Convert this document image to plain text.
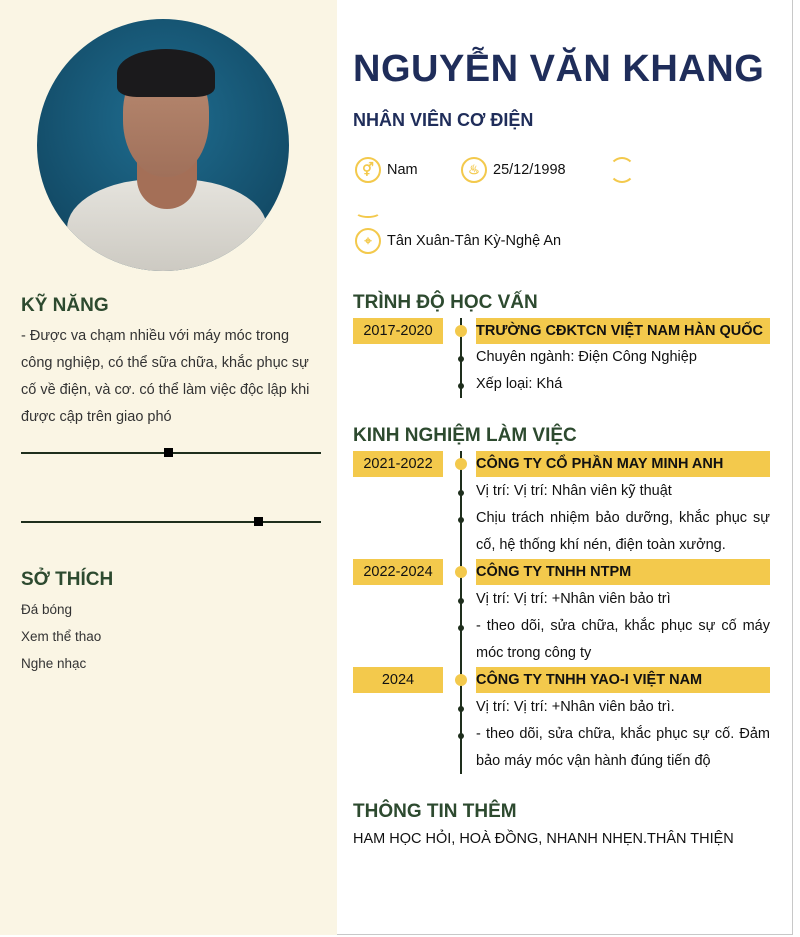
KỸ NĂNG
- Được va chạm nhiều với máy móc trong công nghiệp, có thể sữa chữa, khắc phục sự cố về điện, và cơ. có thể làm việc độc lập khi được cập trên giao phó
SỞ THÍCH
Đá bóng
Xem thể thao
Nghe nhạc
NGUYỄN VĂN KHANG
NHÂN VIÊN CƠ ĐIỆN
⚥ Nam	♨ 25/12/1998
⌖	Tân Xuân-Tân Kỳ-Nghệ An
TRÌNH ĐỘ HỌC VẤN
2017-2020	TRƯỜNG CĐKTCN VIỆT NAM HÀN QUỐC
Chuyên ngành: Điện Công Nghiệp
Xếp loại: Khá
KINH NGHIỆM LÀM VIỆC
2021-2022	CÔNG TY CỔ PHẦN MAY MINH ANH
Vị trí: Vị trí: Nhân viên kỹ thuật
Chịu trách nhiệm bảo dưỡng, khắc phục sự cố, hệ thống khí nén, điện toàn xưởng.
2022-2024	CÔNG TY TNHH NTPM
Vị trí: Vị trí: +Nhân viên bảo trì
- theo dõi, sửa chữa, khắc phục sự cố máy móc trong công ty
2024	CÔNG TY TNHH YAO-I VIỆT NAM
Vị trí: Vị trí: +Nhân viên bảo trì.
- theo dõi, sửa chữa, khắc phục sự cố. Đảm bảo máy móc vận hành đúng tiến độ
THÔNG TIN THÊM
HAM HỌC HỎI, HOÀ ĐỒNG, NHANH NHẸN.THÂN THIỆN
